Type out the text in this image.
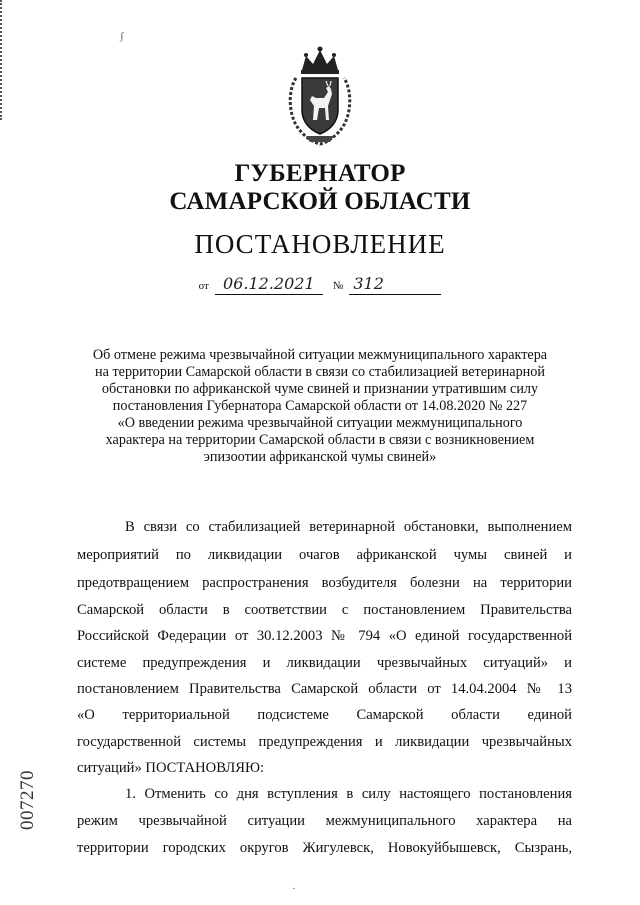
ʃ
ГУБЕРНАТОР
САМАРСКОЙ ОБЛАСТИ
ПОСТАНОВЛЕНИЕ
от 06.12.2021 № 312
Об отмене режима чрезвычайной ситуации межмуниципального характера
на территории Самарской области в связи со стабилизацией ветеринарной
обстановки по африканской чуме свиней и признании утратившим силу
постановления Губернатора Самарской области от 14.08.2020 № 227
«О введении режима чрезвычайной ситуации межмуниципального
характера на территории Самарской области в связи с возникновением
эпизоотии африканской чумы свиней»
В связи со стабилизацией ветеринарной обстановки, выполнением
мероприятий по ликвидации очагов африканской чумы свиней и
предотвращением распространения возбудителя болезни на территории
Самарской области в соответствии с постановлением Правительства
Российской Федерации от 30.12.2003 № 794 «О единой государственной
системе предупреждения и ликвидации чрезвычайных ситуаций» и
постановлением Правительства Самарской области от 14.04.2004 № 13
«О территориальной подсистеме Самарской области единой
государственной системы предупреждения и ликвидации чрезвычайных
ситуаций» ПОСТАНОВЛЯЮ:
1. Отменить со дня вступления в силу настоящего постановления
режим чрезвычайной ситуации межмуниципального характера на
территории городских округов Жигулевск, Новокуйбышевск, Сызрань,
007270
·
